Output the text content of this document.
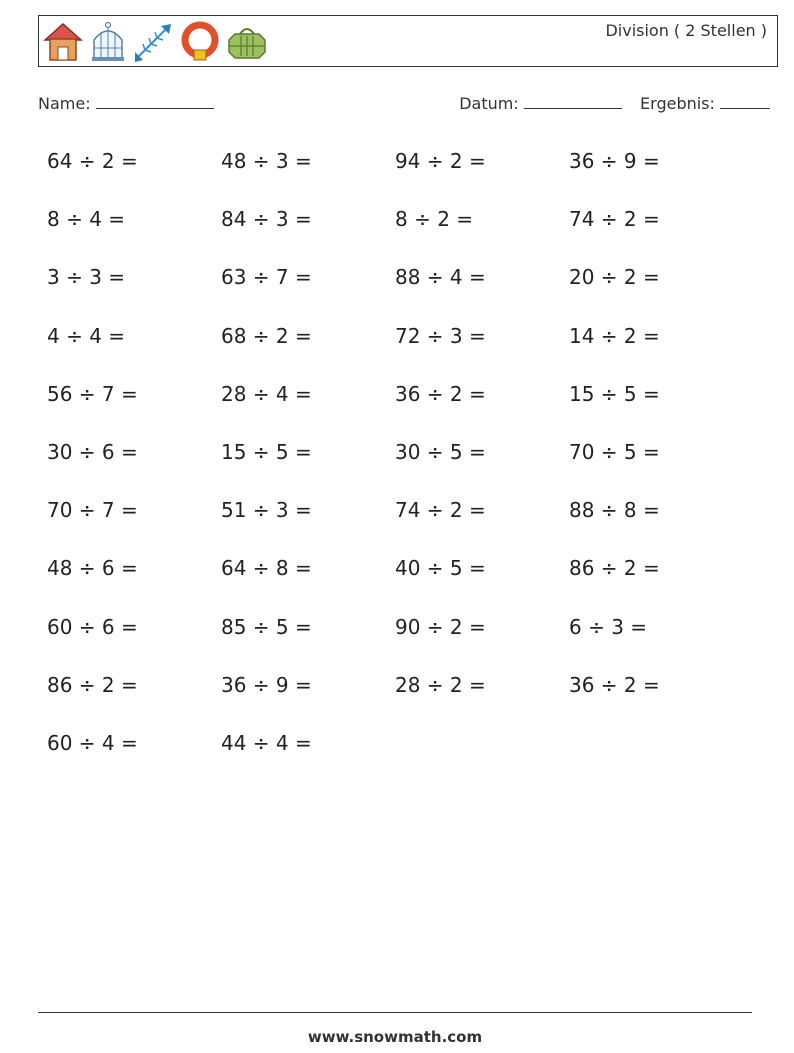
Division ( 2 Stellen )
Name:	Datum:	Ergebnis:
64 ÷ 2 =	48 ÷ 3 =	94 ÷ 2 =	36 ÷ 9 =
8 ÷ 4 =	84 ÷ 3 =	8 ÷ 2 =	74 ÷ 2 =
3 ÷ 3 =	63 ÷ 7 =	88 ÷ 4 =	20 ÷ 2 =
4 ÷ 4 =	68 ÷ 2 =	72 ÷ 3 =	14 ÷ 2 =
56 ÷ 7 =	28 ÷ 4 =	36 ÷ 2 =	15 ÷ 5 =
30 ÷ 6 =	15 ÷ 5 =	30 ÷ 5 =	70 ÷ 5 =
70 ÷ 7 =	51 ÷ 3 =	74 ÷ 2 =	88 ÷ 8 =
48 ÷ 6 =	64 ÷ 8 =	40 ÷ 5 =	86 ÷ 2 =
60 ÷ 6 =	85 ÷ 5 =	90 ÷ 2 =	6 ÷ 3 =
86 ÷ 2 =	36 ÷ 9 =	28 ÷ 2 =	36 ÷ 2 =
60 ÷ 4 =	44 ÷ 4 =
www.snowmath.com
